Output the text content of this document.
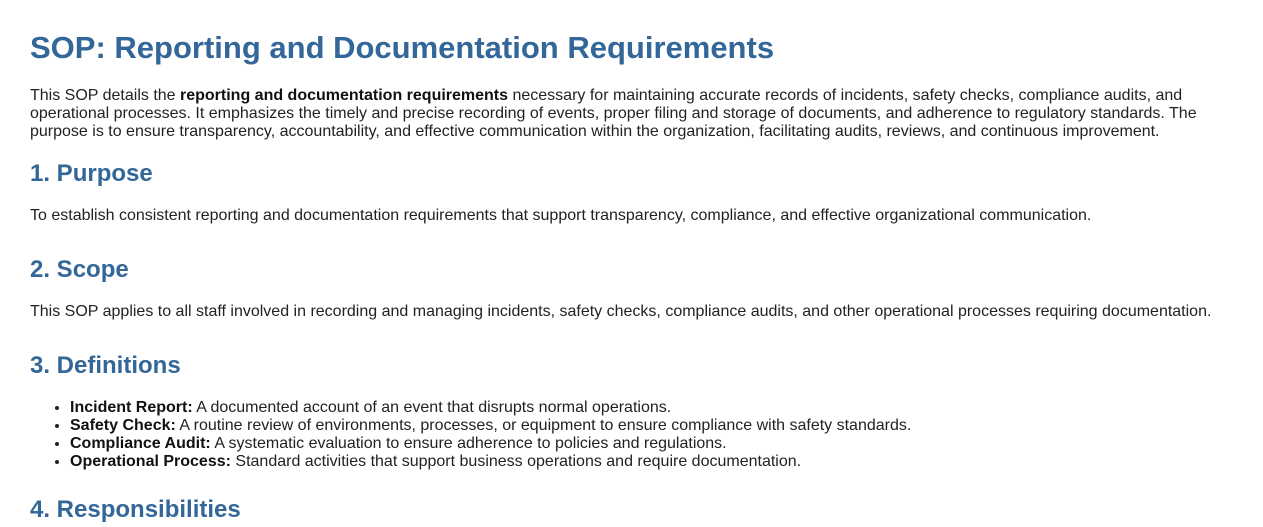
SOP: Reporting and Documentation Requirements

This SOP details the reporting and documentation requirements necessary for maintaining accurate records of incidents, safety checks, compliance audits, and operational processes. It emphasizes the timely and precise recording of events, proper filing and storage of documents, and adherence to regulatory standards. The purpose is to ensure transparency, accountability, and effective communication within the organization, facilitating audits, reviews, and continuous improvement.

1. Purpose

To establish consistent reporting and documentation requirements that support transparency, compliance, and effective organizational communication.

2. Scope

This SOP applies to all staff involved in recording and managing incidents, safety checks, compliance audits, and other operational processes requiring documentation.

3. Definitions
• Incident Report: A documented account of an event that disrupts normal operations.
• Safety Check: A routine review of environments, processes, or equipment to ensure compliance with safety standards.
• Compliance Audit: A systematic evaluation to ensure adherence to policies and regulations.
• Operational Process: Standard activities that support business operations and require documentation.
4. Responsibilities
